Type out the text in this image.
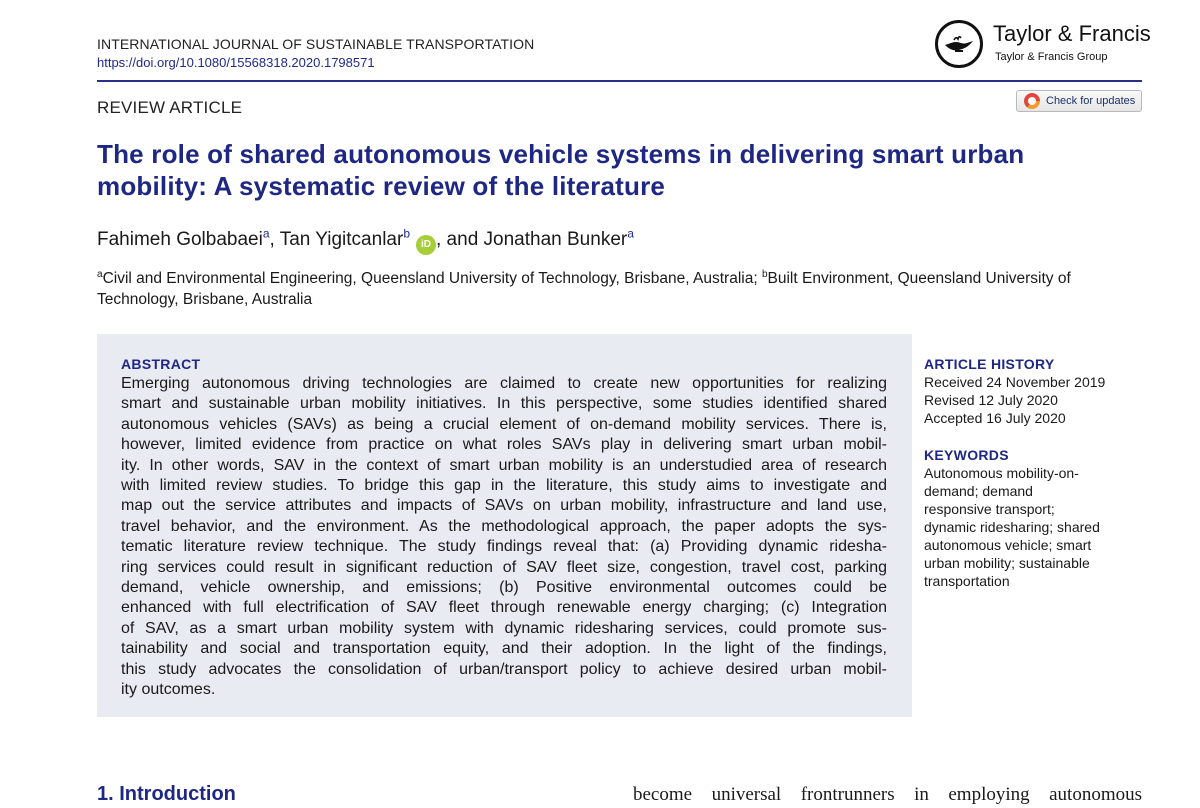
INTERNATIONAL JOURNAL OF SUSTAINABLE TRANSPORTATION
https://doi.org/10.1080/15568318.2020.1798571
Taylor & Francis
Taylor & Francis Group
REVIEW ARTICLE	Check for updates
The role of shared autonomous vehicle systems in delivering smart urban mobility: A systematic review of the literature
Fahimeh Golbabaei$^a$, Tan Yigitcanlar$^b$iD , and Jonathan Bunker$^a$
$^a$Civil and Environmental Engineering, Queensland University of Technology, Brisbane, Australia; $^b$Built Environment, Queensland University of Technology, Brisbane, Australia
ABSTRACT
Emerging autonomous driving technologies are claimed to create new opportunities for realizing
smart and sustainable urban mobility initiatives. In this perspective, some studies identified shared
autonomous vehicles (SAVs) as being a crucial element of on-demand mobility services. There is,
however, limited evidence from practice on what roles SAVs play in delivering smart urban mobil-
ity. In other words, SAV in the context of smart urban mobility is an understudied area of research
with limited review studies. To bridge this gap in the literature, this study aims to investigate and
map out the service attributes and impacts of SAVs on urban mobility, infrastructure and land use,
travel behavior, and the environment. As the methodological approach, the paper adopts the sys-
tematic literature review technique. The study findings reveal that: (a) Providing dynamic ridesha-
ring services could result in significant reduction of SAV fleet size, congestion, travel cost, parking
demand, vehicle ownership, and emissions; (b) Positive environmental outcomes could be
enhanced with full electrification of SAV fleet through renewable energy charging; (c) Integration
of SAV, as a smart urban mobility system with dynamic ridesharing services, could promote sus-
tainability and social and transportation equity, and their adoption. In the light of the findings,
this study advocates the consolidation of urban/transport policy to achieve desired urban mobil-
ity outcomes.
ARTICLE HISTORY
Received 24 November 2019
Revised 12 July 2020
Accepted 16 July 2020
KEYWORDS
Autonomous mobility-on-
demand; demand
responsive transport;
dynamic ridesharing; shared
autonomous vehicle; smart
urban mobility; sustainable
transportation
1. Introduction	become universal frontrunners in employing autonomous
